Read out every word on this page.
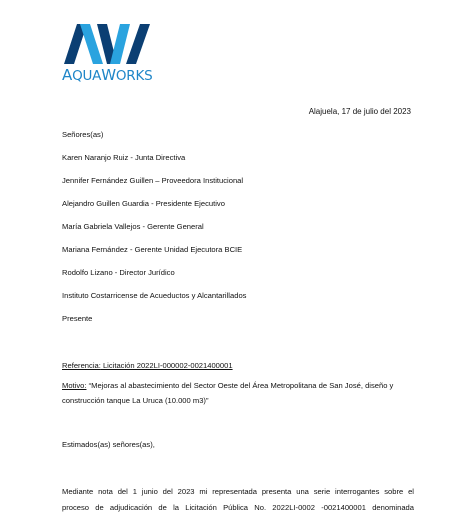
AQUAWORKS
Alajuela, 17 de julio del 2023
Señores(as)
Karen Naranjo Ruiz - Junta Directiva
Jennifer Fernández Guillen – Proveedora Institucional
Alejandro Guillen Guardia - Presidente Ejecutivo
María Gabriela Vallejos - Gerente General
Mariana Fernández - Gerente Unidad Ejecutora BCIE
Rodolfo Lizano - Director Jurídico
Instituto Costarricense de Acueductos y Alcantarillados
Presente
Referencia: Licitación 2022LI-000002-0021400001
Motivo: “Mejoras al abastecimiento del Sector Oeste del Área Metropolitana de San José, diseño y
construcción tanque La Uruca (10.000 m3)”
Estimados(as) señores(as),
Mediante nota del 1 junio del 2023 mi representada presenta una serie interrogantes sobre el
proceso de adjudicación de la Licitación Pública No. 2022LI-0002 -0021400001 denominada
